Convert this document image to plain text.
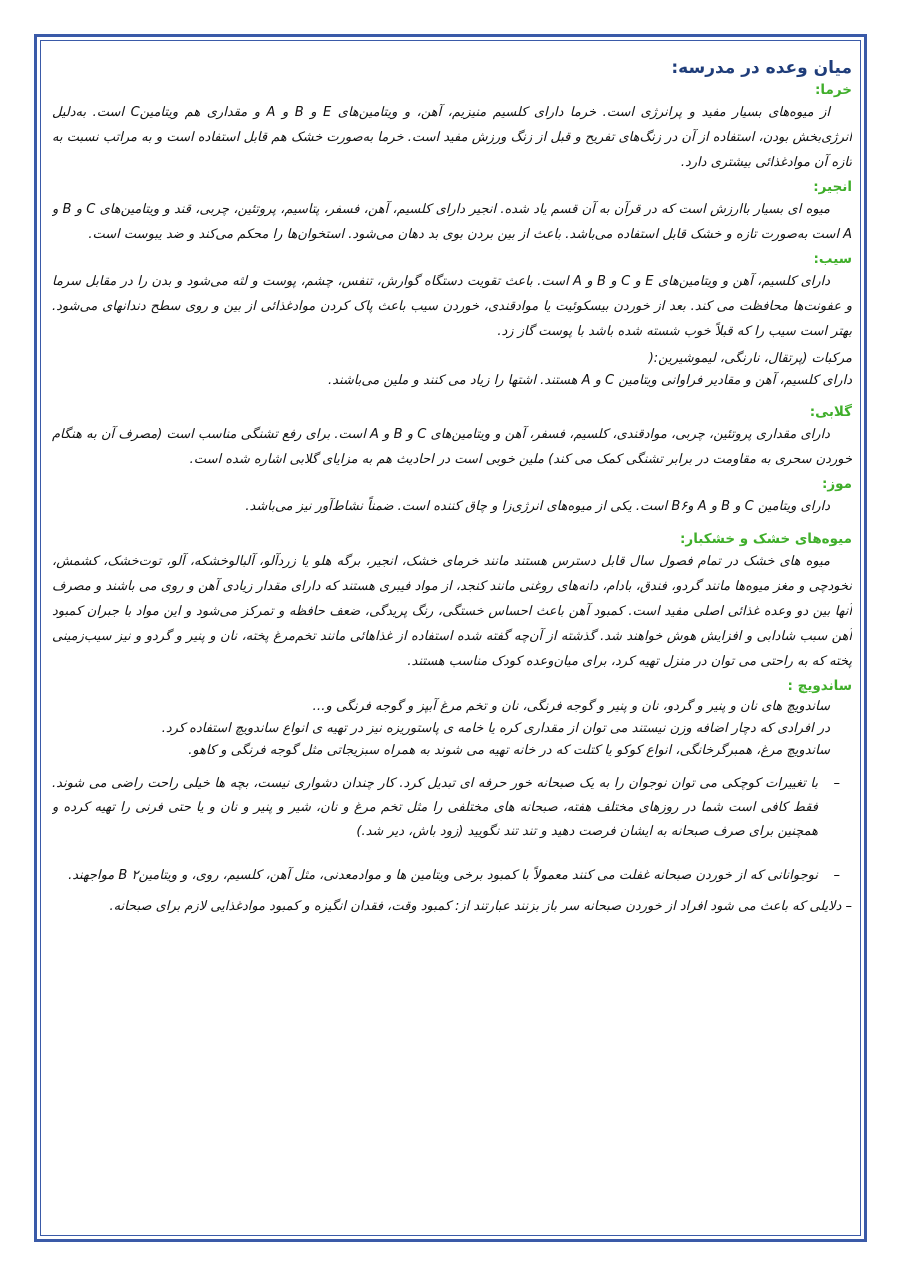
میان وعده در مدرسه:
خرما:

از میوه‌های بسیار مفید و پرانرژی است. خرما دارای کلسیم منیزیم، آهن، و ویتامین‌های E و B و A و مقداری هم ویتامینC است. به‌دلیل انرژی‌بخش بودن، استفاده از آن در زنگ‌های تفریح و قبل از زنگ ورزش مفید است. خرما به‌صورت خشک هم قابل استفاده است و به مراتب نسبت به تازه آن موادغذائی بیشتری دارد.

انجیر:

میوه ای بسیار باارزش است که در قرآن به آن قسم یاد شده. انجیر دارای کلسیم، آهن، فسفر، پتاسیم، پروتئین، چربی، قند و ویتامین‌های C و B و A است به‌صورت تازه و خشک قابل استفاده می‌باشد. باعث از بین بردن بوی بد دهان می‌شود. استخوان‌ها را محکم می‌کند و ضد یبوست است.

سیب:

دارای کلسیم، آهن و ویتامین‌های E و C و B و A است. باعث تقویت دستگاه گوارش، تنفس، چشم، پوست و لثه می‌شود و بدن را در مقابل سرما و عفونت‌ها محافظت می کند. بعد از خوردن بیسکوئیت یا موادقندی، خوردن سیب باعث پاک کردن موادغذائی از بین و روی سطح دندانها‌ی می‌شود. بهتر است سیب را که قبلاً خوب شسته شده باشد با پوست گاز زد.

مرکبات (پرتقال، نارنگی، لیموشیرین:(

دارای کلسیم، آهن و مقادیر فراوانی ویتامین C و A هستند. اشتها را زیاد می کنند و ملین می‌باشند.

گلابی:

دارای مقداری پروتئین، چربی، موادقندی، کلسیم، فسفر، آهن و ویتامین‌های C و B و A است. برای رفع تشنگی مناسب است (مصرف آن به هنگام خوردن سحری به مقاومت در برابر تشنگی کمک می کند) ملین خوبی است در احادیث هم به مزایای گلابی اشاره شده است.

موز:

دارای ویتامین C و B و A وB۶ است. یکی از میوه‌های انرژی‌زا و چاق کننده است. ضمناً نشاط‌آور نیز می‌باشد.

میوه‌های خشک و خشکبار:

میوه های خشک در تمام فصول سال قابل دسترس هستند مانند خرمای خشک، انجیر، برگه هلو یا زردآلو، آلبالوخشکه، آلو، توت‌خشک، کشمش، نخودچی و مغز میوه‌ها مانند گردو، فندق، بادام، دانه‌های روغنی مانند کنجد، از مواد فیبری هستند که دارای مقدار زیادی آهن و روی می باشند و مصرف آنها بین دو وعده غذائی اصلی مفید است. کمبود آهن باعث احساس خستگی، رنگ پریدگی، ضعف حافظه و تمرکز می‌شود و این مواد با جبران کمبود آهن سبب شادابی و افزایش هوش خواهند شد. گذشته از آن‌چه گفته شده استفاده از غذاهائی مانند تخم‌مرغ پخته، نان و پنیر و گردو و نیز سیب‌زمینی پخته که به راحتی می توان در منزل تهیه کرد، برای میان‌وعده کودک مناسب هستند.

ساندویچ :

ساندویچ های نان و پنیر و گردو، نان و پنیر و گوجه فرنگی، نان و تخم مرغ آبپز و گوجه فرنگی و…

در افرادی که دچار اضافه وزن نیستند می توان از مقداری کره یا خامه ی پاستوریزه نیز در تهیه ی انواع ساندویچ استفاده کرد.

ساندویچ مرغ، همبرگرخانگی، انواع کوکو یا کتلت که در خانه تهیه می شوند به همراه سبزیجاتی مثل گوجه فرنگی و کاهو.

– با تغییرات کوچکی می توان نوجوان را به یک صبحانه خور حرفه ای تبدیل کرد. کار چندان دشواری نیست، بچه ها خیلی راحت راضی می شوند. فقط کافی است شما در روزهای مختلف هفته، صبحانه های مختلفی را مثل تخم مرغ و نان، شیر و پنیر و نان و یا حتی فرنی را تهیه کرده و همچنین برای صرف صبحانه به ایشان فرصت دهید و تند تند نگویید (زود باش، دیر شد.)
– نوجوانانی که از خوردن صبحانه غفلت می کنند معمولاً با کمبود برخی ویتامین ها و موادمعدنی، مثل آهن، کلسیم، روی، و ویتامینB ۲ مواجهند.

– دلایلی که باعث می شود افراد از خوردن صبحانه سر باز بزنند عبارتند از: کمبود وقت، فقدان انگیزه و کمبود موادغذایی لازم برای صبحانه.
